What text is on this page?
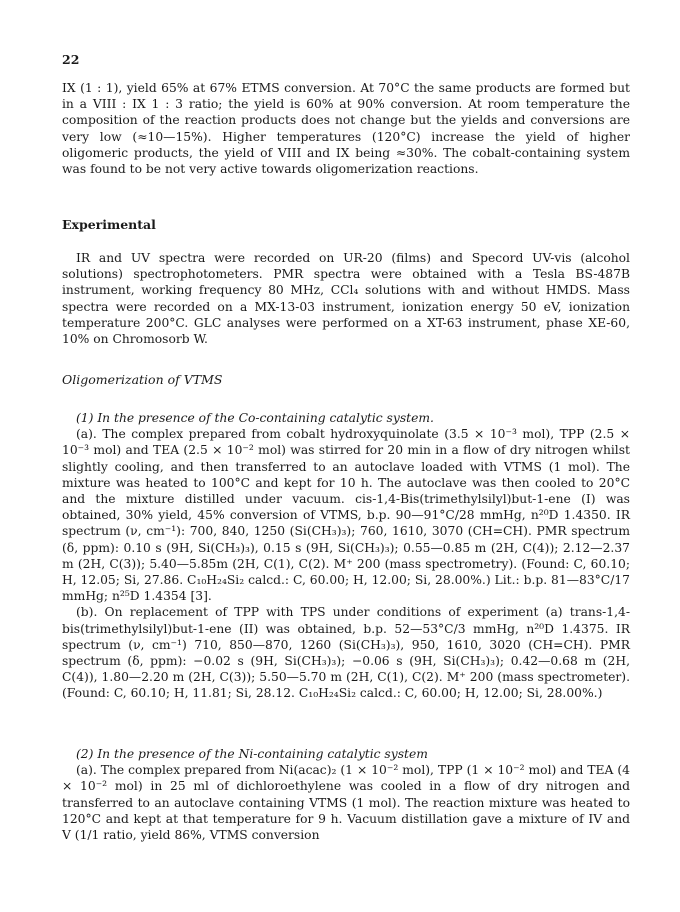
22

IX (1 : 1), yield 65% at 67% ETMS conversion. At 70°C the same products are formed but in a VIII : IX 1 : 3 ratio; the yield is 60% at 90% conversion. At room temperature the composition of the reaction products does not change but the yields and conversions are very low (≈10—15%). Higher temperatures (120°C) increase the yield of higher oligomeric products, the yield of VIII and IX being ≈30%. The cobalt-containing system was found to be not very active towards oligomerization reactions.

Experimental

IR and UV spectra were recorded on UR-20 (films) and Specord UV-vis (alcohol solutions) spectrophotometers. PMR spectra were obtained with a Tesla BS-487B instrument, working frequency 80 MHz, CCl₄ solutions with and without HMDS. Mass spectra were recorded on a MX-13-03 instrument, ionization energy 50 eV, ionization temperature 200°C. GLC analyses were performed on a XT-63 instrument, phase XE-60, 10% on Chromosorb W.

Oligomerization of VTMS

(1) In the presence of the Co-containing catalytic system.

(a). The complex prepared from cobalt hydroxyquinolate (3.5 × 10⁻³ mol), TPP (2.5 × 10⁻³ mol) and TEA (2.5 × 10⁻² mol) was stirred for 20 min in a flow of dry nitrogen whilst slightly cooling, and then transferred to an autoclave loaded with VTMS (1 mol). The mixture was heated to 100°C and kept for 10 h. The autoclave was then cooled to 20°C and the mixture distilled under vacuum. cis-1,4-Bis(trimethylsilyl)but-1-ene (I) was obtained, 30% yield, 45% conversion of VTMS, b.p. 90—91°C/28 mmHg, n²⁰D 1.4350. IR spectrum (ν, cm⁻¹): 700, 840, 1250 (Si(CH₃)₃); 760, 1610, 3070 (CH=CH). PMR spectrum (δ, ppm): 0.10 s (9H, Si(CH₃)₃), 0.15 s (9H, Si(CH₃)₃); 0.55—0.85 m (2H, C(4)); 2.12—2.37 m (2H, C(3)); 5.40—5.85m (2H, C(1), C(2). M⁺ 200 (mass spectrometry). (Found: C, 60.10; H, 12.05; Si, 27.86. C₁₀H₂₄Si₂ calcd.: C, 60.00; H, 12.00; Si, 28.00%.) Lit.: b.p. 81—83°C/17 mmHg; n²⁵D 1.4354 [3].

(b). On replacement of TPP with TPS under conditions of experiment (a) trans-1,4-bis(trimethylsilyl)but-1-ene (II) was obtained, b.p. 52—53°C/3 mmHg, n²⁰D 1.4375. IR spectrum (ν, cm⁻¹) 710, 850—870, 1260 (Si(CH₃)₃), 950, 1610, 3020 (CH=CH). PMR spectrum (δ, ppm): −0.02 s (9H, Si(CH₃)₃); −0.06 s (9H, Si(CH₃)₃); 0.42—0.68 m (2H, C(4)), 1.80—2.20 m (2H, C(3)); 5.50—5.70 m (2H, C(1), C(2). M⁺ 200 (mass spectrometer). (Found: C, 60.10; H, 11.81; Si, 28.12. C₁₀H₂₄Si₂ calcd.: C, 60.00; H, 12.00; Si, 28.00%.)

(2) In the presence of the Ni-containing catalytic system

(a). The complex prepared from Ni(acac)₂ (1 × 10⁻² mol), TPP (1 × 10⁻² mol) and TEA (4 × 10⁻² mol) in 25 ml of dichloroethylene was cooled in a flow of dry nitrogen and transferred to an autoclave containing VTMS (1 mol). The reaction mixture was heated to 120°C and kept at that temperature for 9 h. Vacuum distillation gave a mixture of IV and V (1/1 ratio, yield 86%, VTMS conversion
